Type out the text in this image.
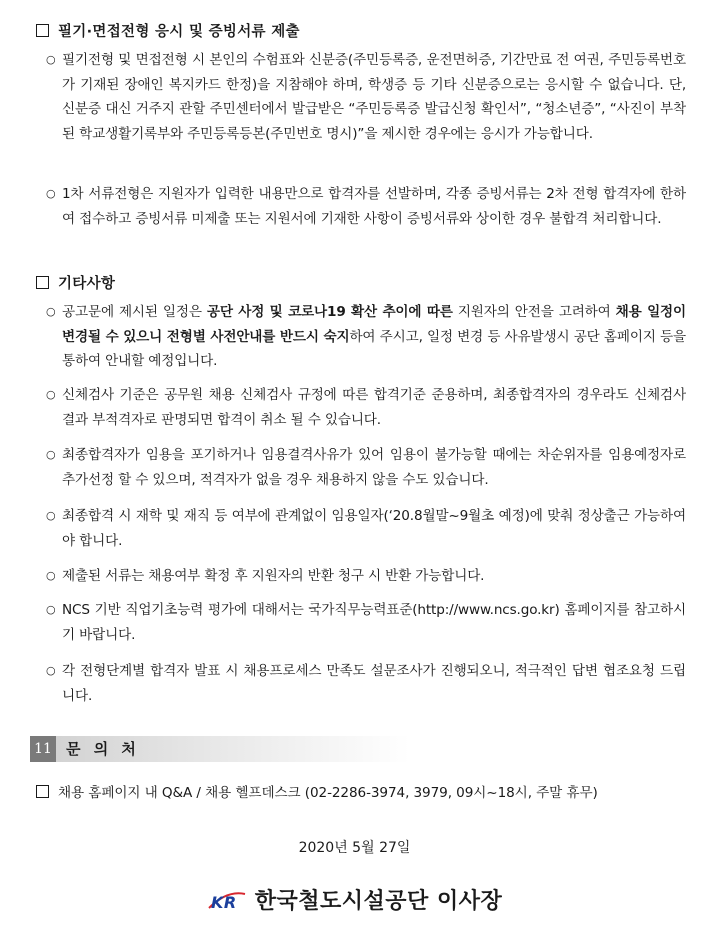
필기·면접전형 응시 및 증빙서류 제출
○ 필기전형 및 면접전형 시 본인의 수험표와 신분증(주민등록증, 운전면허증, 기간만료 전 여권, 주민등록번호가 기재된 장애인 복지카드 한정)을 지참해야 하며, 학생증 등 기타 신분증으로는 응시할 수 없습니다. 단, 신분증 대신 거주지 관할 주민센터에서 발급받은 “주민등록증 발급신청 확인서”, “청소년증”, “사진이 부착된 학교생활기록부와 주민등록등본(주민번호 명시)”을 제시한 경우에는 응시가 가능합니다.
○ 1차 서류전형은 지원자가 입력한 내용만으로 합격자를 선발하며, 각종 증빙서류는 2차 전형 합격자에 한하여 접수하고 증빙서류 미제출 또는 지원서에 기재한 사항이 증빙서류와 상이한 경우 불합격 처리합니다.
기타사항
○ 공고문에 제시된 일정은 공단 사정 및 코로나19 확산 추이에 따른 지원자의 안전을 고려하여 채용 일정이 변경될 수 있으니 전형별 사전안내를 반드시 숙지하여 주시고, 일정 변경 등 사유발생시 공단 홈페이지 등을 통하여 안내할 예정입니다.
○ 신체검사 기준은 공무원 채용 신체검사 규정에 따른 합격기준 준용하며, 최종합격자의 경우라도 신체검사 결과 부적격자로 판명되면 합격이 취소 될 수 있습니다.
○ 최종합격자가 임용을 포기하거나 임용결격사유가 있어 임용이 불가능할 때에는 차순위자를 임용예정자로 추가선정 할 수 있으며, 적격자가 없을 경우 채용하지 않을 수도 있습니다.
○ 최종합격 시 재학 및 재직 등 여부에 관계없이 임용일자(‘20.8월말~9월초 예정)에 맞춰 정상출근 가능하여야 합니다.
○ 제출된 서류는 채용여부 확정 후 지원자의 반환 청구 시 반환 가능합니다.
○ NCS 기반 직업기초능력 평가에 대해서는 국가직무능력표준(http://www.ncs.go.kr) 홈페이지를 참고하시기 바랍니다.
○ 각 전형단계별 합격자 발표 시 채용프로세스 만족도 설문조사가 진행되오니, 적극적인 답변 협조요청 드립니다.
11 문 의 처
채용 홈페이지 내 Q&A / 채용 헬프데스크 (02-2286-3974, 3979, 09시~18시, 주말 휴무)
2020년 5월 27일
KR 한국철도시설공단 이사장
